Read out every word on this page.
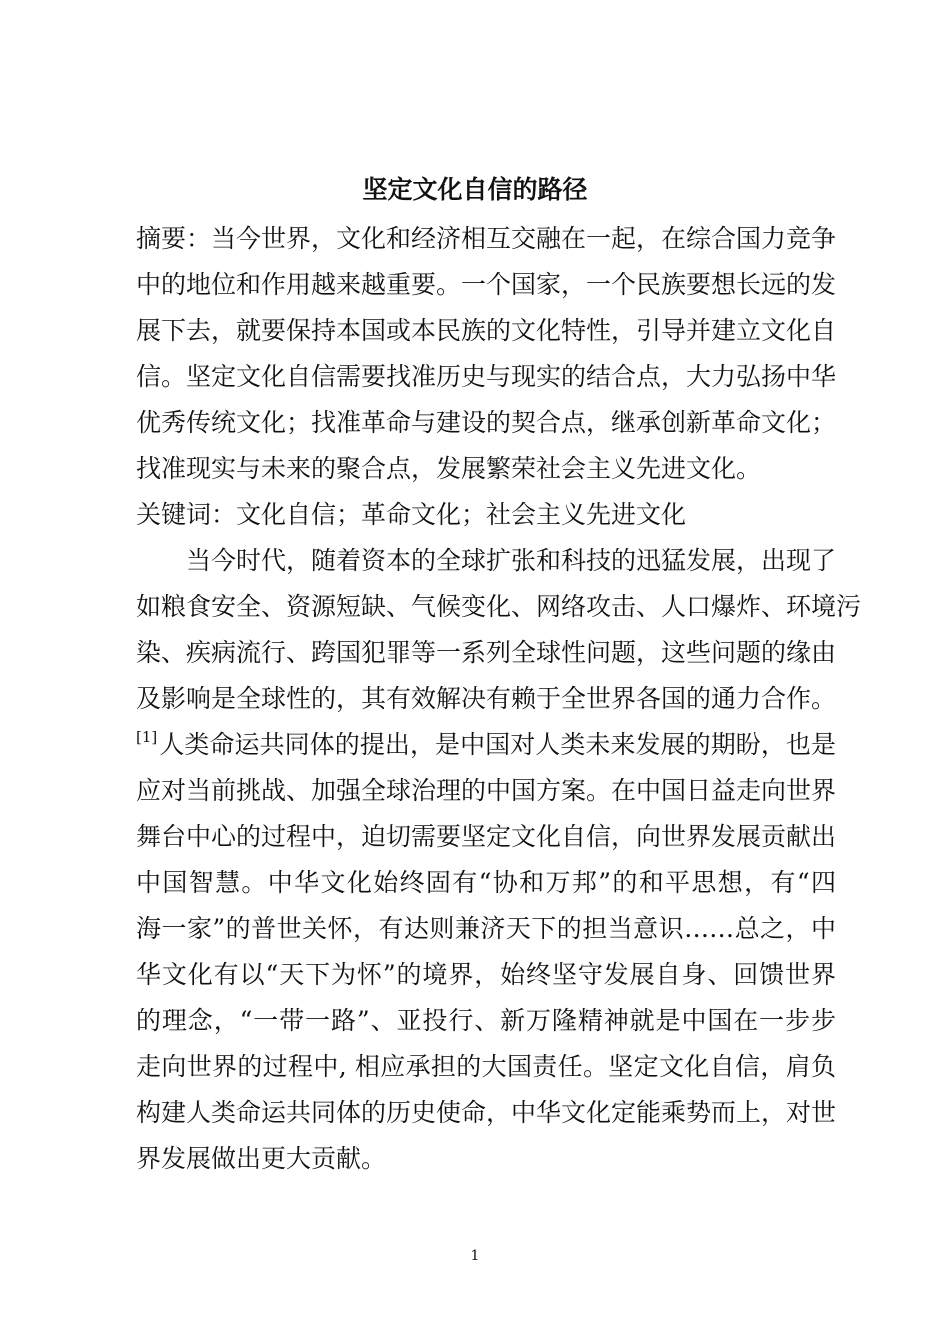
坚定文化自信的路径
摘要：当今世界，文化和经济相互交融在一起，在综合国力竞争
中的地位和作用越来越重要。一个国家，一个民族要想长远的发
展下去，就要保持本国或本民族的文化特性，引导并建立文化自
信。坚定文化自信需要找准历史与现实的结合点，大力弘扬中华
优秀传统文化；找准革命与建设的契合点，继承创新革命文化；
找准现实与未来的聚合点，发展繁荣社会主义先进文化。
关键词：文化自信；革命文化；社会主义先进文化
当今时代，随着资本的全球扩张和科技的迅猛发展，出现了
如粮食安全、资源短缺、气候变化、网络攻击、人口爆炸、环境污
染、疾病流行、跨国犯罪等一系列全球性问题，这些问题的缘由
及影响是全球性的，其有效解决有赖于全世界各国的通力合作。
[1]人类命运共同体的提出，是中国对人类未来发展的期盼，也是
应对当前挑战、加强全球治理的中国方案。在中国日益走向世界
舞台中心的过程中，迫切需要坚定文化自信，向世界发展贡献出
中国智慧。中华文化始终固有“协和万邦”的和平思想，有“四
海一家”的普世关怀，有达则兼济天下的担当意识……总之，中
华文化有以“天下为怀”的境界，始终坚守发展自身、回馈世界
的理念，“一带一路”、亚投行、新万隆精神就是中国在一步步
走向世界的过程中, 相应承担的大国责任。坚定文化自信，肩负
构建人类命运共同体的历史使命，中华文化定能乘势而上，对世
界发展做出更大贡献。
1
